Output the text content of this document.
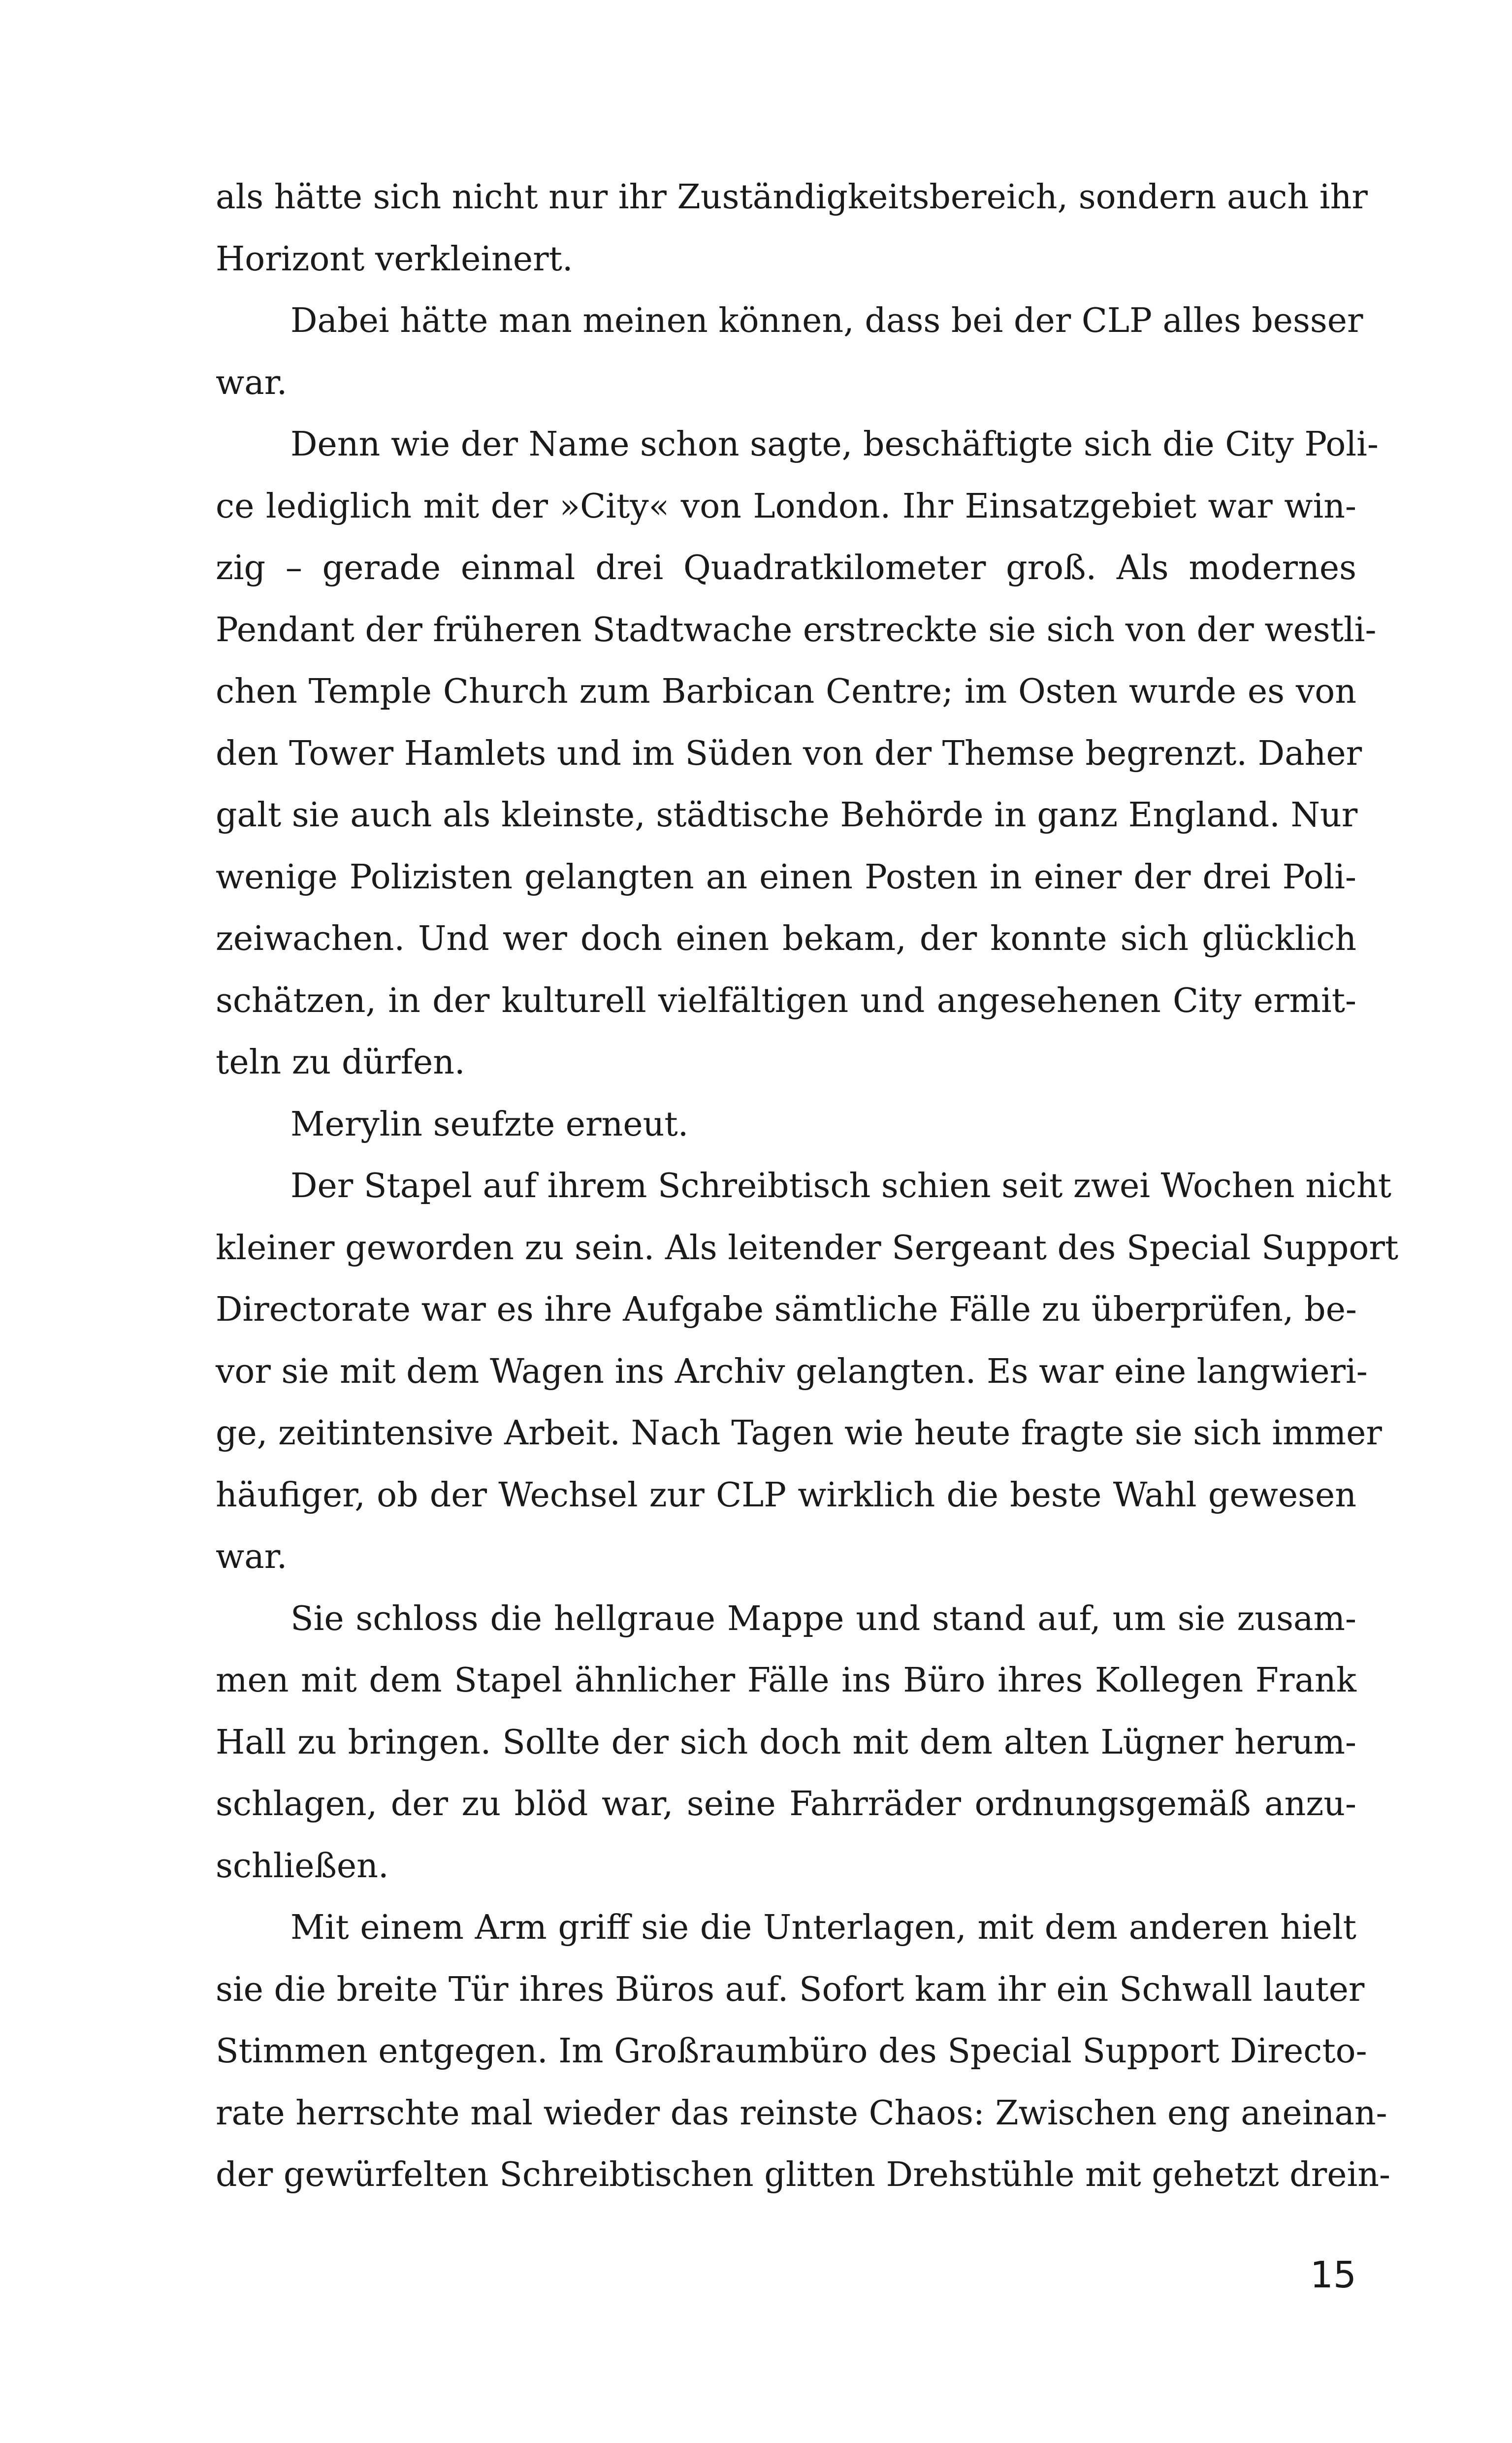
als hätte sich nicht nur ihr Zuständigkeitsbereich, sondern auch ihr
Horizont verkleinert.

Dabei hätte man meinen können, dass bei der CLP alles besser
war.

Denn wie der Name schon sagte, beschäftigte sich die City Poli-
ce lediglich mit der »City« von London. Ihr Einsatzgebiet war win-
zig – gerade einmal drei Quadratkilometer groß. Als modernes
Pendant der früheren Stadtwache erstreckte sie sich von der westli-
chen Temple Church zum Barbican Centre; im Osten wurde es von
den Tower Hamlets und im Süden von der Themse begrenzt. Daher
galt sie auch als kleinste, städtische Behörde in ganz England. Nur
wenige Polizisten gelangten an einen Posten in einer der drei Poli-
zeiwachen. Und wer doch einen bekam, der konnte sich glücklich
schätzen, in der kulturell vielfältigen und angesehenen City ermit-
teln zu dürfen.

Merylin seufzte erneut.

Der Stapel auf ihrem Schreibtisch schien seit zwei Wochen nicht
kleiner geworden zu sein. Als leitender Sergeant des Special Support
Directorate war es ihre Aufgabe sämtliche Fälle zu überprüfen, be-
vor sie mit dem Wagen ins Archiv gelangten. Es war eine langwieri-
ge, zeitintensive Arbeit. Nach Tagen wie heute fragte sie sich immer
häufiger, ob der Wechsel zur CLP wirklich die beste Wahl gewesen
war.

Sie schloss die hellgraue Mappe und stand auf, um sie zusam-
men mit dem Stapel ähnlicher Fälle ins Büro ihres Kollegen Frank
Hall zu bringen. Sollte der sich doch mit dem alten Lügner herum-
schlagen, der zu blöd war, seine Fahrräder ordnungsgemäß anzu-
schließen.

Mit einem Arm griff sie die Unterlagen, mit dem anderen hielt
sie die breite Tür ihres Büros auf. Sofort kam ihr ein Schwall lauter
Stimmen entgegen. Im Großraumbüro des Special Support Directo-
rate herrschte mal wieder das reinste Chaos: Zwischen eng aneinan-
der gewürfelten Schreibtischen glitten Drehstühle mit gehetzt drein-

15
